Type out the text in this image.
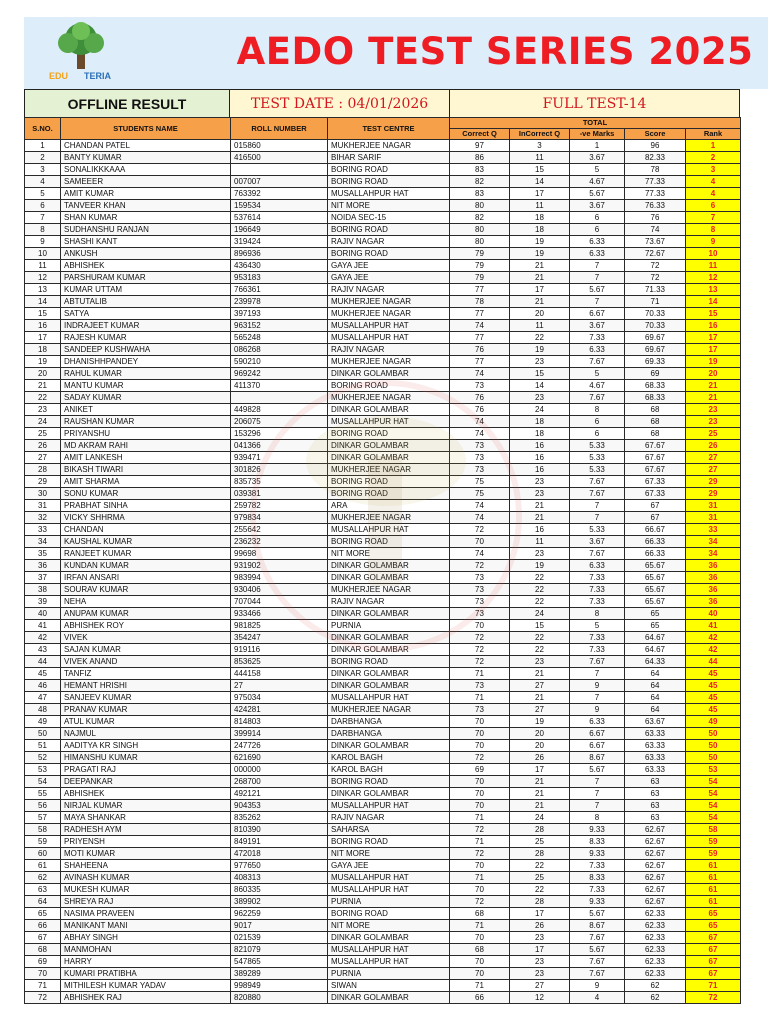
EDU TERIA
AEDO TEST SERIES 2025
OFFLINE RESULT	TEST DATE : 04/01/2026	FULL TEST-14
S.NO.	STUDENTS NAME	ROLL NUMBER	TEST CENTRE	TOTAL				
				Correct Q	InCorrect Q	-ve Marks	Score	Rank
1	CHANDAN PATEL	015860	MUKHERJEE NAGAR	97	3	1	96	1
2	BANTY KUMAR	416500	BIHAR SARIF	86	11	3.67	82.33	2
3	SONALIKKKAAA		BORING ROAD	83	15	5	78	3
4	SAMEEER	007007	BORING ROAD	82	14	4.67	77.33	4
5	AMIT KUMAR	763392	MUSALLAHPUR HAT	83	17	5.67	77.33	4
6	TANVEER KHAN	159534	NIT MORE	80	11	3.67	76.33	6
7	SHAN KUMAR	537614	NOIDA SEC-15	82	18	6	76	7
8	SUDHANSHU RANJAN	196649	BORING ROAD	80	18	6	74	8
9	SHASHI KANT	319424	RAJIV NAGAR	80	19	6.33	73.67	9
10	ANKUSH	896936	BORING ROAD	79	19	6.33	72.67	10
11	ABHISHEK	436430	GAYA JEE	79	21	7	72	11
12	PARSHURAM KUMAR	953183	GAYA JEE	79	21	7	72	12
13	KUMAR UTTAM	766361	RAJIV NAGAR	77	17	5.67	71.33	13
14	ABTUTALIB	239978	MUKHERJEE NAGAR	78	21	7	71	14
15	SATYA	397193	MUKHERJEE NAGAR	77	20	6.67	70.33	15
16	INDRAJEET KUMAR	963152	MUSALLAHPUR HAT	74	11	3.67	70.33	16
17	RAJESH KUMAR	565248	MUSALLAHPUR HAT	77	22	7.33	69.67	17
18	SANDEEP KUSHWAHA	086268	RAJIV NAGAR	76	19	6.33	69.67	17
19	DHANISHHPANDEY	590210	MUKHERJEE NAGAR	77	23	7.67	69.33	19
20	RAHUL KUMAR	969242	DINKAR GOLAMBAR	74	15	5	69	20
21	MANTU KUMAR	411370	BORING ROAD	73	14	4.67	68.33	21
22	SADAY KUMAR		MUKHERJEE NAGAR	76	23	7.67	68.33	21
23	ANIKET	449828	DINKAR GOLAMBAR	76	24	8	68	23
24	RAUSHAN KUMAR	206075	MUSALLAHPUR HAT	74	18	6	68	23
25	PRIYANSHU	153296	BORING ROAD	74	18	6	68	25
26	MD AKRAM RAHI	041366	DINKAR GOLAMBAR	73	16	5.33	67.67	26
27	AMIT LANKESH	939471	DINKAR GOLAMBAR	73	16	5.33	67.67	27
28	BIKASH TIWARI	301826	MUKHERJEE NAGAR	73	16	5.33	67.67	27
29	AMIT SHARMA	835735	BORING ROAD	75	23	7.67	67.33	29
30	SONU KUMAR	039381	BORING ROAD	75	23	7.67	67.33	29
31	PRABHAT SINHA	259782	ARA	74	21	7	67	31
32	VICKY SHHRMA	979834	MUKHERJEE NAGAR	74	21	7	67	31
33	CHANDAN	255642	MUSALLAHPUR HAT	72	16	5.33	66.67	33
34	KAUSHAL KUMAR	236232	BORING ROAD	70	11	3.67	66.33	34
35	RANJEET KUMAR	99698	NIT MORE	74	23	7.67	66.33	34
36	KUNDAN KUMAR	931902	DINKAR GOLAMBAR	72	19	6.33	65.67	36
37	IRFAN ANSARI	983994	DINKAR GOLAMBAR	73	22	7.33	65.67	36
38	SOURAV KUMAR	930406	MUKHERJEE NAGAR	73	22	7.33	65.67	36
39	NEHA	707044	RAJIV NAGAR	73	22	7.33	65.67	36
40	ANUPAM KUMAR	933466	DINKAR GOLAMBAR	73	24	8	65	40
41	ABHISHEK ROY	981825	PURNIA	70	15	5	65	41
42	VIVEK	354247	DINKAR GOLAMBAR	72	22	7.33	64.67	42
43	SAJAN KUMAR	919116	DINKAR GOLAMBAR	72	22	7.33	64.67	42
44	VIVEK ANAND	853625	BORING ROAD	72	23	7.67	64.33	44
45	TANFIZ	444158	DINKAR GOLAMBAR	71	21	7	64	45
46	HEMANT HRISHI	27	DINKAR GOLAMBAR	73	27	9	64	45
47	SANJEEV KUMAR	975034	MUSALLAHPUR HAT	71	21	7	64	45
48	PRANAV KUMAR	424281	MUKHERJEE NAGAR	73	27	9	64	45
49	ATUL KUMAR	814803	DARBHANGA	70	19	6.33	63.67	49
50	NAJMUL	399914	DARBHANGA	70	20	6.67	63.33	50
51	AADITYA KR SINGH	247726	DINKAR GOLAMBAR	70	20	6.67	63.33	50
52	HIMANSHU KUMAR	621690	KAROL BAGH	72	26	8.67	63.33	50
53	PRAGATI RAJ	000000	KAROL BAGH	69	17	5.67	63.33	53
54	DEEPANKAR	268700	BORING ROAD	70	21	7	63	54
55	ABHISHEK	492121	DINKAR GOLAMBAR	70	21	7	63	54
56	NIRJAL KUMAR	904353	MUSALLAHPUR HAT	70	21	7	63	54
57	MAYA SHANKAR	835262	RAJIV NAGAR	71	24	8	63	54
58	RADHESH AYM	810390	SAHARSA	72	28	9.33	62.67	58
59	PRIYENSH	849191	BORING ROAD	71	25	8.33	62.67	59
60	MOTI KUMAR	472018	NIT MORE	72	28	9.33	62.67	59
61	SHAHEENA	977650	GAYA JEE	70	22	7.33	62.67	61
62	AVINASH KUMAR	408313	MUSALLAHPUR HAT	71	25	8.33	62.67	61
63	MUKESH KUMAR	860335	MUSALLAHPUR HAT	70	22	7.33	62.67	61
64	SHREYA RAJ	389902	PURNIA	72	28	9.33	62.67	61
65	NASIMA PRAVEEN	962259	BORING ROAD	68	17	5.67	62.33	65
66	MANIKANT MANI	9017	NIT MORE	71	26	8.67	62.33	65
67	ABHAY SINGH	021539	DINKAR GOLAMBAR	70	23	7.67	62.33	67
68	MANMOHAN	821079	MUSALLAHPUR HAT	68	17	5.67	62.33	67
69	HARRY	547865	MUSALLAHPUR HAT	70	23	7.67	62.33	67
70	KUMARI PRATIBHA	389289	PURNIA	70	23	7.67	62.33	67
71	MITHILESH KUMAR YADAV	998949	SIWAN	71	27	9	62	71
72	ABHISHEK RAJ	820880	DINKAR GOLAMBAR	66	12	4	62	72
